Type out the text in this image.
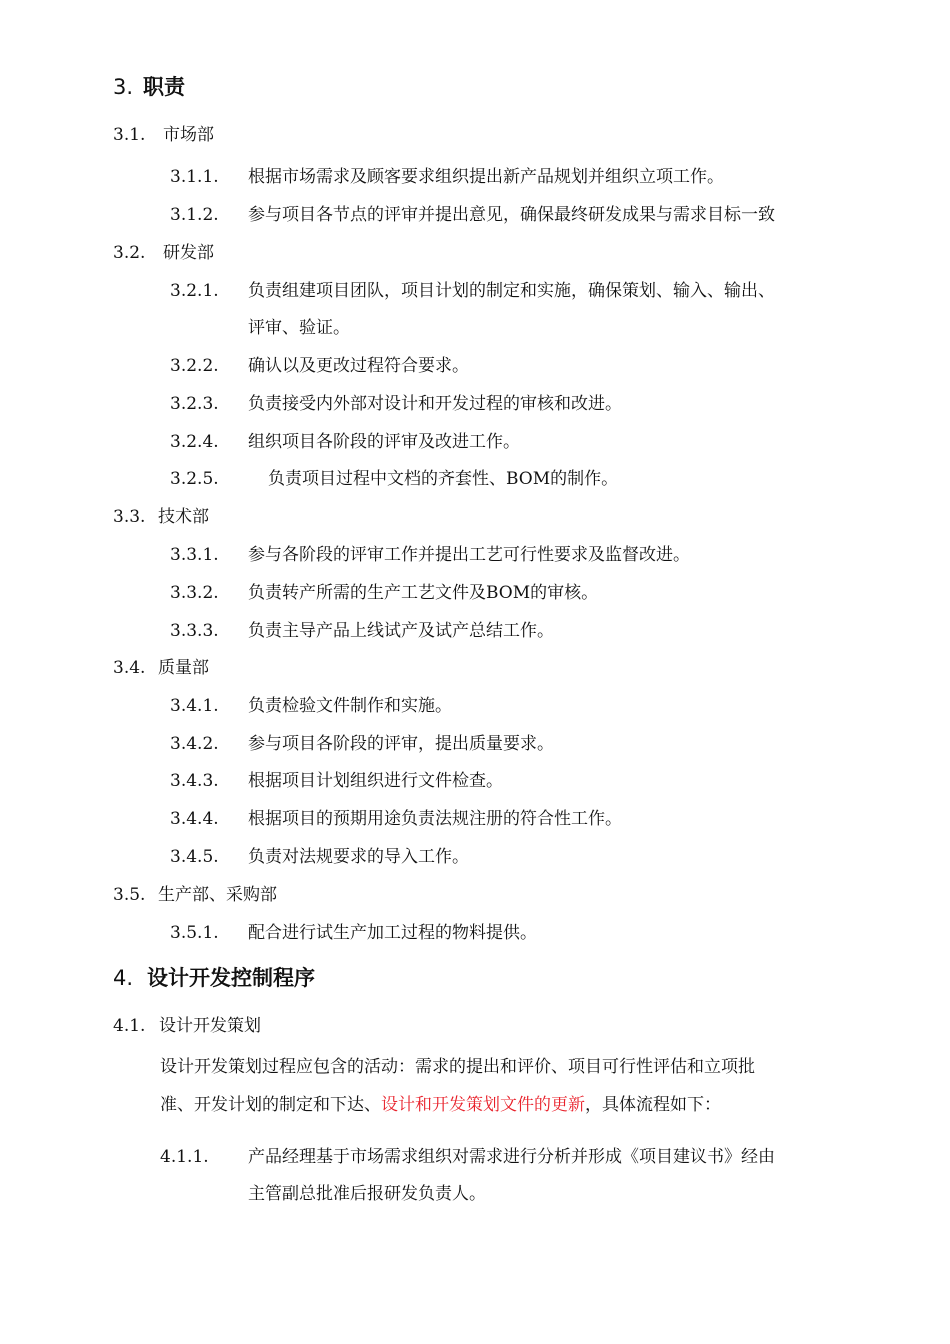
3. 职责
3.1. 市场部
3.1.1. 根据市场需求及顾客要求组织提出新产品规划并组织立项工作。
3.1.2. 参与项目各节点的评审并提出意见，确保最终研发成果与需求目标一致
3.2. 研发部
3.2.1. 负责组建项目团队，项目计划的制定和实施，确保策划、输入、输出、
评审、验证。
3.2.2. 确认以及更改过程符合要求。
3.2.3. 负责接受内外部对设计和开发过程的审核和改进。
3.2.4. 组织项目各阶段的评审及改进工作。
3.2.5.	负责项目过程中文档的齐套性、BOM的制作。
3.3. 技术部
3.3.1. 参与各阶段的评审工作并提出工艺可行性要求及监督改进。
3.3.2. 负责转产所需的生产工艺文件及BOM的审核。
3.3.3. 负责主导产品上线试产及试产总结工作。
3.4. 质量部
3.4.1. 负责检验文件制作和实施。
3.4.2. 参与项目各阶段的评审，提出质量要求。
3.4.3. 根据项目计划组织进行文件检查。
3.4.4. 根据项目的预期用途负责法规注册的符合性工作。
3.4.5. 负责对法规要求的导入工作。
3.5. 生产部、采购部
3.5.1. 配合进行试生产加工过程的物料提供。
4. 设计开发控制程序
4.1. 设计开发策划
设计开发策划过程应包含的活动：需求的提出和评价、项目可行性评估和立项批
准、开发计划的制定和下达、设计和开发策划文件的更新，具体流程如下：
4.1.1. 产品经理基于市场需求组织对需求进行分析并形成《项目建议书》经由
主管副总批准后报研发负责人。
